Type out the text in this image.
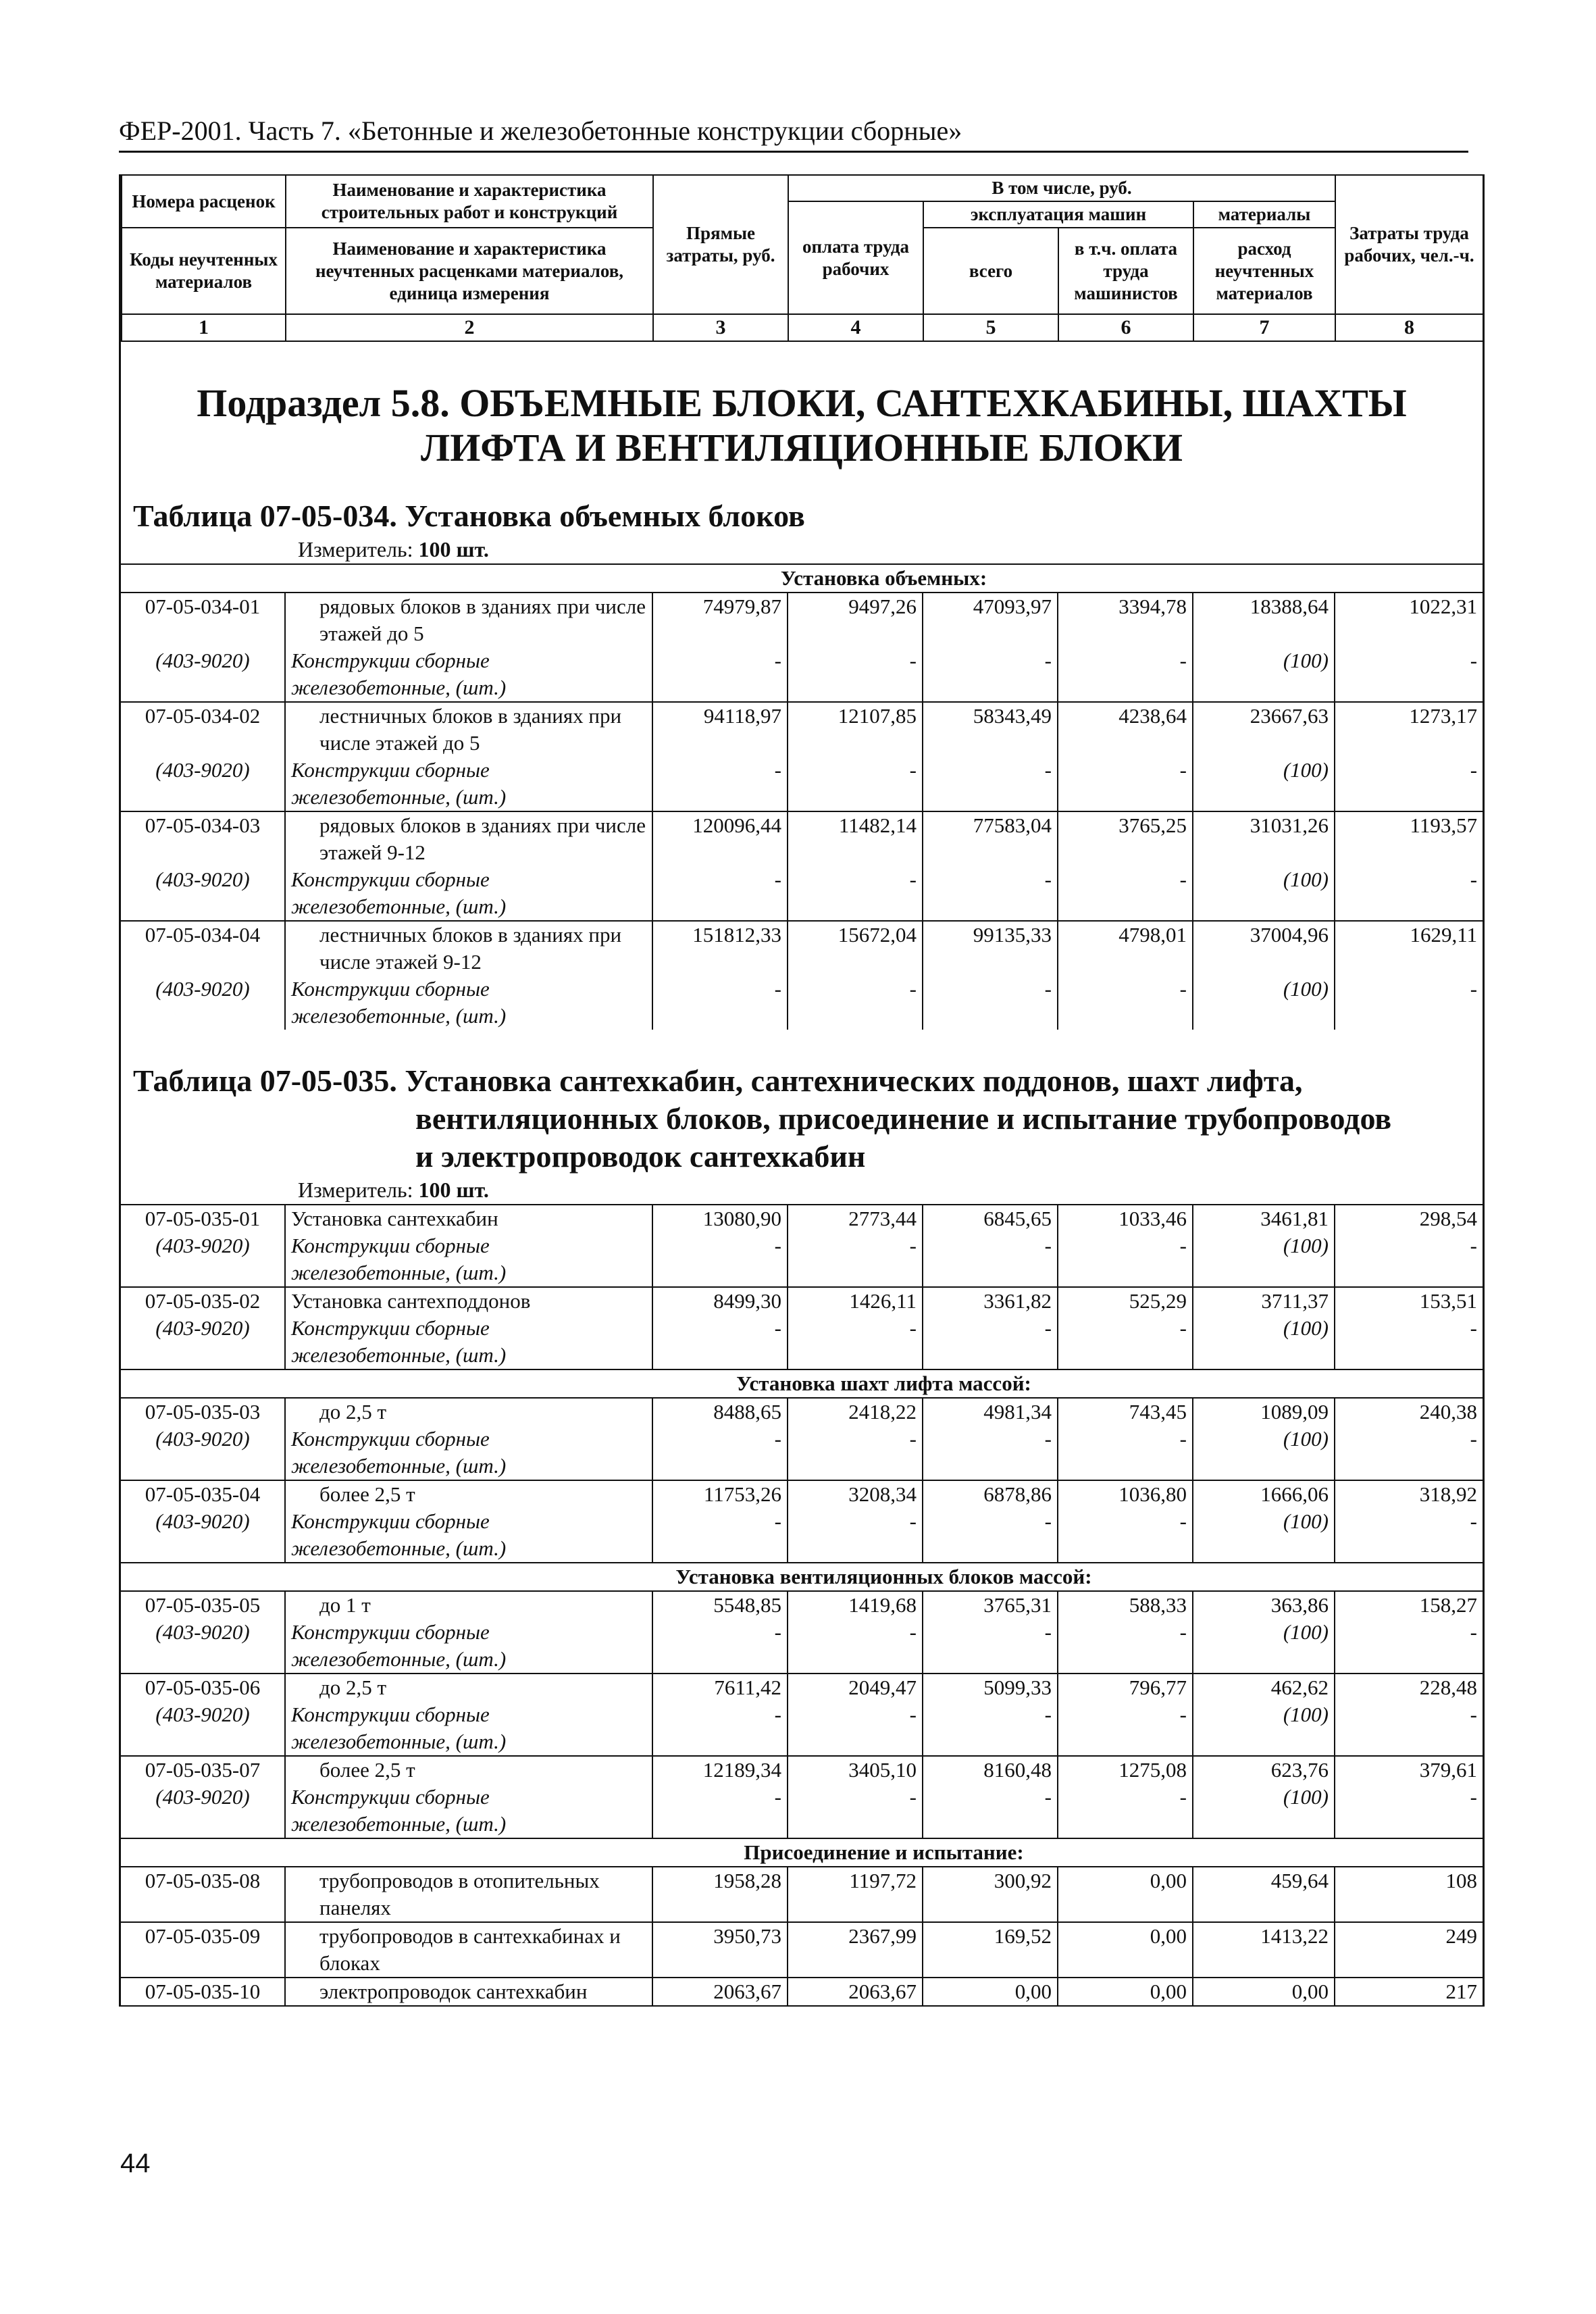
ФЕР-2001. Часть 7. «Бетонные и железобетонные конструкции сборные»
Номера расценок	Наименование и характеристика строительных работ и конструкций	Прямые затраты, руб.	В том числе, руб.				Затраты труда рабочих, чел.-ч.
			оплата труда рабочих	эксплуатация машин		материалы	
Коды неучтенных материалов	Наименование и характеристика неучтенных расценками материалов, единица измерения			всего	в т.ч. оплата труда машинистов	расход неучтенных материалов	
1	2	3	4	5	6	7	8
Подраздел 5.8. ОБЪЕМНЫЕ БЛОКИ, САНТЕХКАБИНЫ, ШАХТЫ ЛИФТА И ВЕНТИЛЯЦИОННЫЕ БЛОКИ
Таблица 07-05-034. Установка объемных блоков
Измеритель: 100 шт.
	Установка объемных:						
07-05-034-01	рядовых блоков в зданиях при числе этажей до 5	74979,87	9497,26	47093,97	3394,78	18388,64	1022,31
(403-9020)	Конструкции сборные железобетонные, (шт.)	-	-	-	-	(100)	-
07-05-034-02	лестничных блоков в зданиях при числе этажей до 5	94118,97	12107,85	58343,49	4238,64	23667,63	1273,17
(403-9020)	Конструкции сборные железобетонные, (шт.)	-	-	-	-	(100)	-
07-05-034-03	рядовых блоков в зданиях при числе этажей 9-12	120096,44	11482,14	77583,04	3765,25	31031,26	1193,57
(403-9020)	Конструкции сборные железобетонные, (шт.)	-	-	-	-	(100)	-
07-05-034-04	лестничных блоков в зданиях при числе этажей 9-12	151812,33	15672,04	99135,33	4798,01	37004,96	1629,11
(403-9020)	Конструкции сборные железобетонные, (шт.)	-	-	-	-	(100)	-
Таблица 07-05-035. Установка сантехкабин, сантехнических поддонов, шахт лифта,
вентиляционных блоков, присоединение и испытание трубопроводов
и электропроводок сантехкабин
Измеритель: 100 шт.
07-05-035-01	Установка сантехкабин	13080,90	2773,44	6845,65	1033,46	3461,81	298,54
(403-9020)	Конструкции сборные железобетонные, (шт.)	-	-	-	-	(100)	-
07-05-035-02	Установка сантехподдонов	8499,30	1426,11	3361,82	525,29	3711,37	153,51
(403-9020)	Конструкции сборные железобетонные, (шт.)	-	-	-	-	(100)	-
	Установка шахт лифта массой:						
07-05-035-03	до 2,5 т	8488,65	2418,22	4981,34	743,45	1089,09	240,38
(403-9020)	Конструкции сборные железобетонные, (шт.)	-	-	-	-	(100)	-
07-05-035-04	более 2,5 т	11753,26	3208,34	6878,86	1036,80	1666,06	318,92
(403-9020)	Конструкции сборные железобетонные, (шт.)	-	-	-	-	(100)	-
	Установка вентиляционных блоков массой:						
07-05-035-05	до 1 т	5548,85	1419,68	3765,31	588,33	363,86	158,27
(403-9020)	Конструкции сборные железобетонные, (шт.)	-	-	-	-	(100)	-
07-05-035-06	до 2,5 т	7611,42	2049,47	5099,33	796,77	462,62	228,48
(403-9020)	Конструкции сборные железобетонные, (шт.)	-	-	-	-	(100)	-
07-05-035-07	более 2,5 т	12189,34	3405,10	8160,48	1275,08	623,76	379,61
(403-9020)	Конструкции сборные железобетонные, (шт.)	-	-	-	-	(100)	-
	Присоединение и испытание:						
07-05-035-08	трубопроводов в отопительных панелях	1958,28	1197,72	300,92	0,00	459,64	108
07-05-035-09	трубопроводов в сантехкабинах и блоках	3950,73	2367,99	169,52	0,00	1413,22	249
07-05-035-10	электропроводок сантехкабин	2063,67	2063,67	0,00	0,00	0,00	217
44
